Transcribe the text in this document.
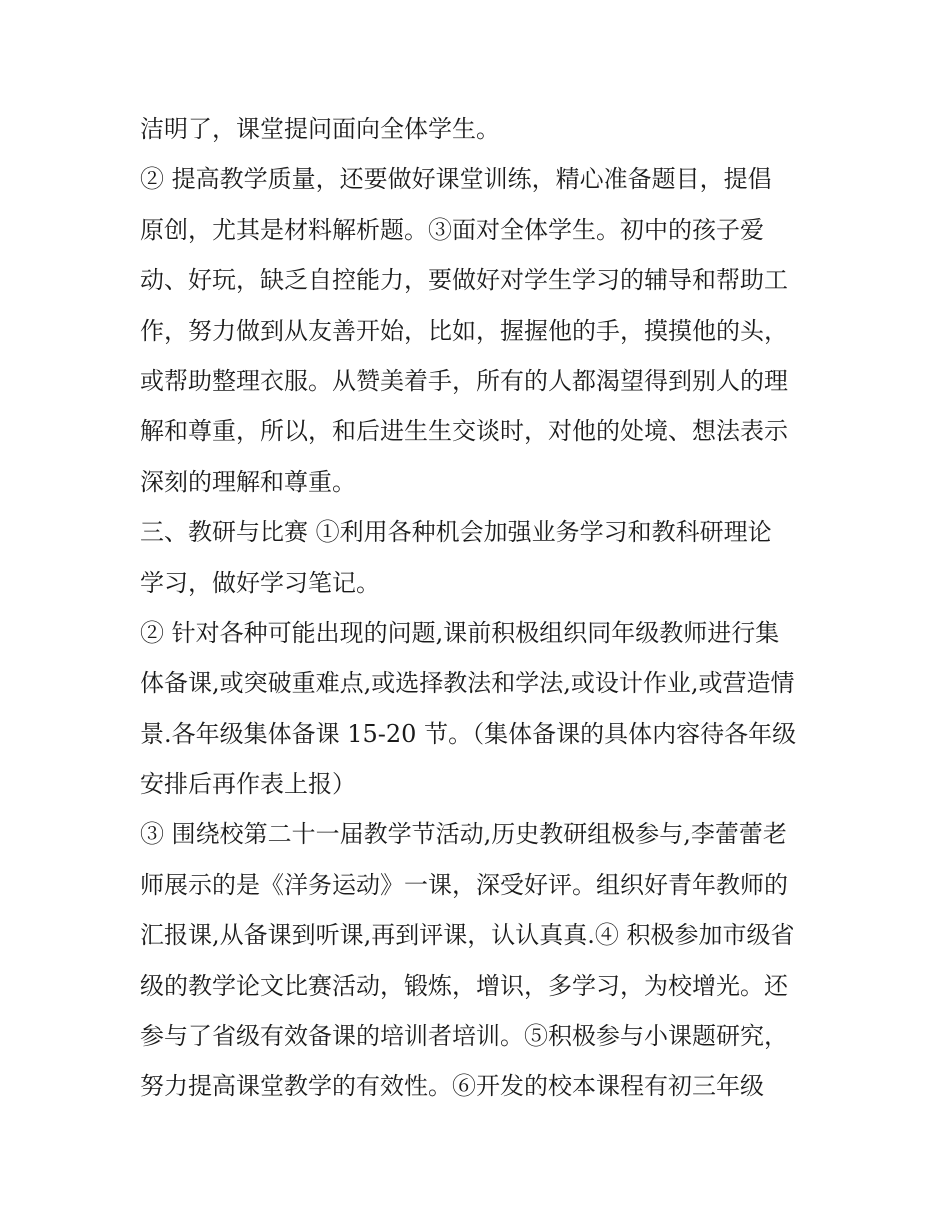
洁明了，课堂提问面向全体学生。
② 提高教学质量，还要做好课堂训练，精心准备题目，提倡
原创，尤其是材料解析题。③面对全体学生。初中的孩子爱
动、好玩，缺乏自控能力，要做好对学生学习的辅导和帮助工
作，努力做到从友善开始，比如，握握他的手，摸摸他的头，
或帮助整理衣服。从赞美着手，所有的人都渴望得到别人的理
解和尊重，所以，和后进生生交谈时，对他的处境、想法表示
深刻的理解和尊重。
三、教研与比赛 ①利用各种机会加强业务学习和教科研理论
学习，做好学习笔记。
② 针对各种可能出现的问题,课前积极组织同年级教师进行集
体备课,或突破重难点,或选择教法和学法,或设计作业,或营造情
景.各年级集体备课 15-20 节。（集体备课的具体内容待各年级
安排后再作表上报）
③ 围绕校第二十一届教学节活动,历史教研组极参与,李蕾蕾老
师展示的是《洋务运动》一课，深受好评。组织好青年教师的
汇报课,从备课到听课,再到评课，认认真真.④ 积极参加市级省
级的教学论文比赛活动，锻炼，增识，多学习，为校增光。还
参与了省级有效备课的培训者培训。⑤积极参与小课题研究，
努力提高课堂教学的有效性。⑥开发的校本课程有初三年级
